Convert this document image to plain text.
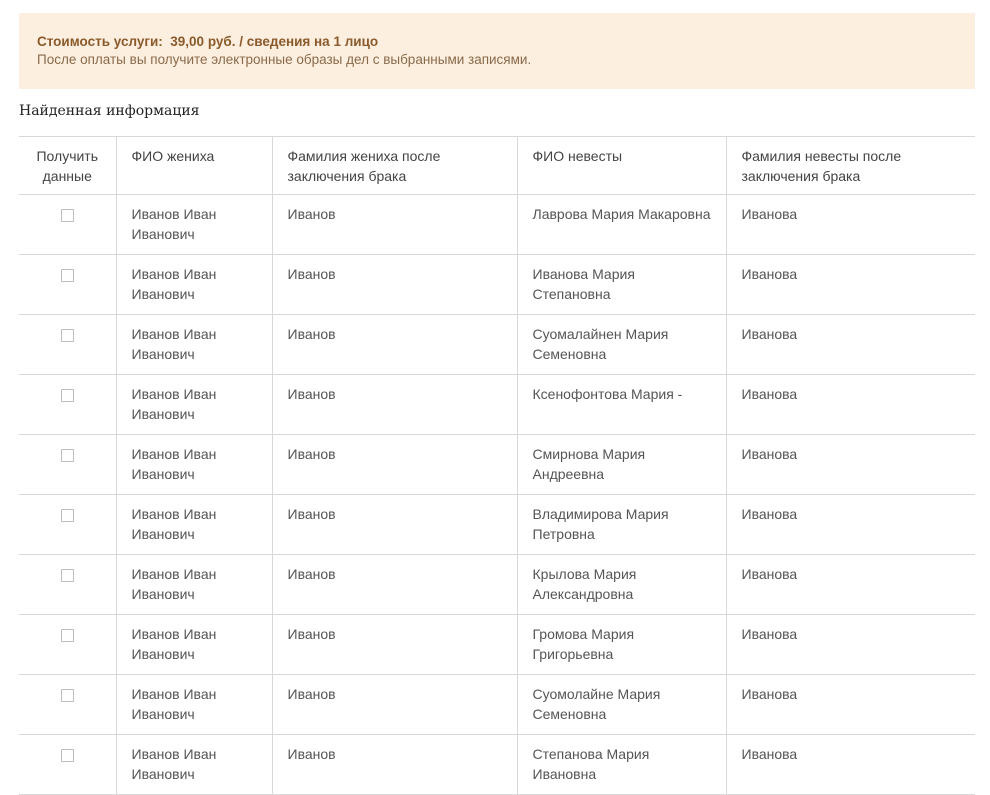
Стоимость услуги:  39,00 руб. / сведения на 1 лицо
После оплаты вы получите электронные образы дел с выбранными записями.
Найденная информация
Получить данные	ФИО жениха	Фамилия жениха после заключения брака	ФИО невесты	Фамилия невесты после заключения брака
	Иванов Иван Иванович	Иванов	Лаврова Мария Макаровна	Иванова
	Иванов Иван Иванович	Иванов	Иванова Мария Степановна	Иванова
	Иванов Иван Иванович	Иванов	Суомалайнен Мария Семеновна	Иванова
	Иванов Иван Иванович	Иванов	Ксенофонтова Мария -	Иванова
	Иванов Иван Иванович	Иванов	Смирнова Мария Андреевна	Иванова
	Иванов Иван Иванович	Иванов	Владимирова Мария Петровна	Иванова
	Иванов Иван Иванович	Иванов	Крылова Мария Александровна	Иванова
	Иванов Иван Иванович	Иванов	Громова Мария Григорьевна	Иванова
	Иванов Иван Иванович	Иванов	Суомолайне Мария Семеновна	Иванова
	Иванов Иван Иванович	Иванов	Степанова Мария Ивановна	Иванова
